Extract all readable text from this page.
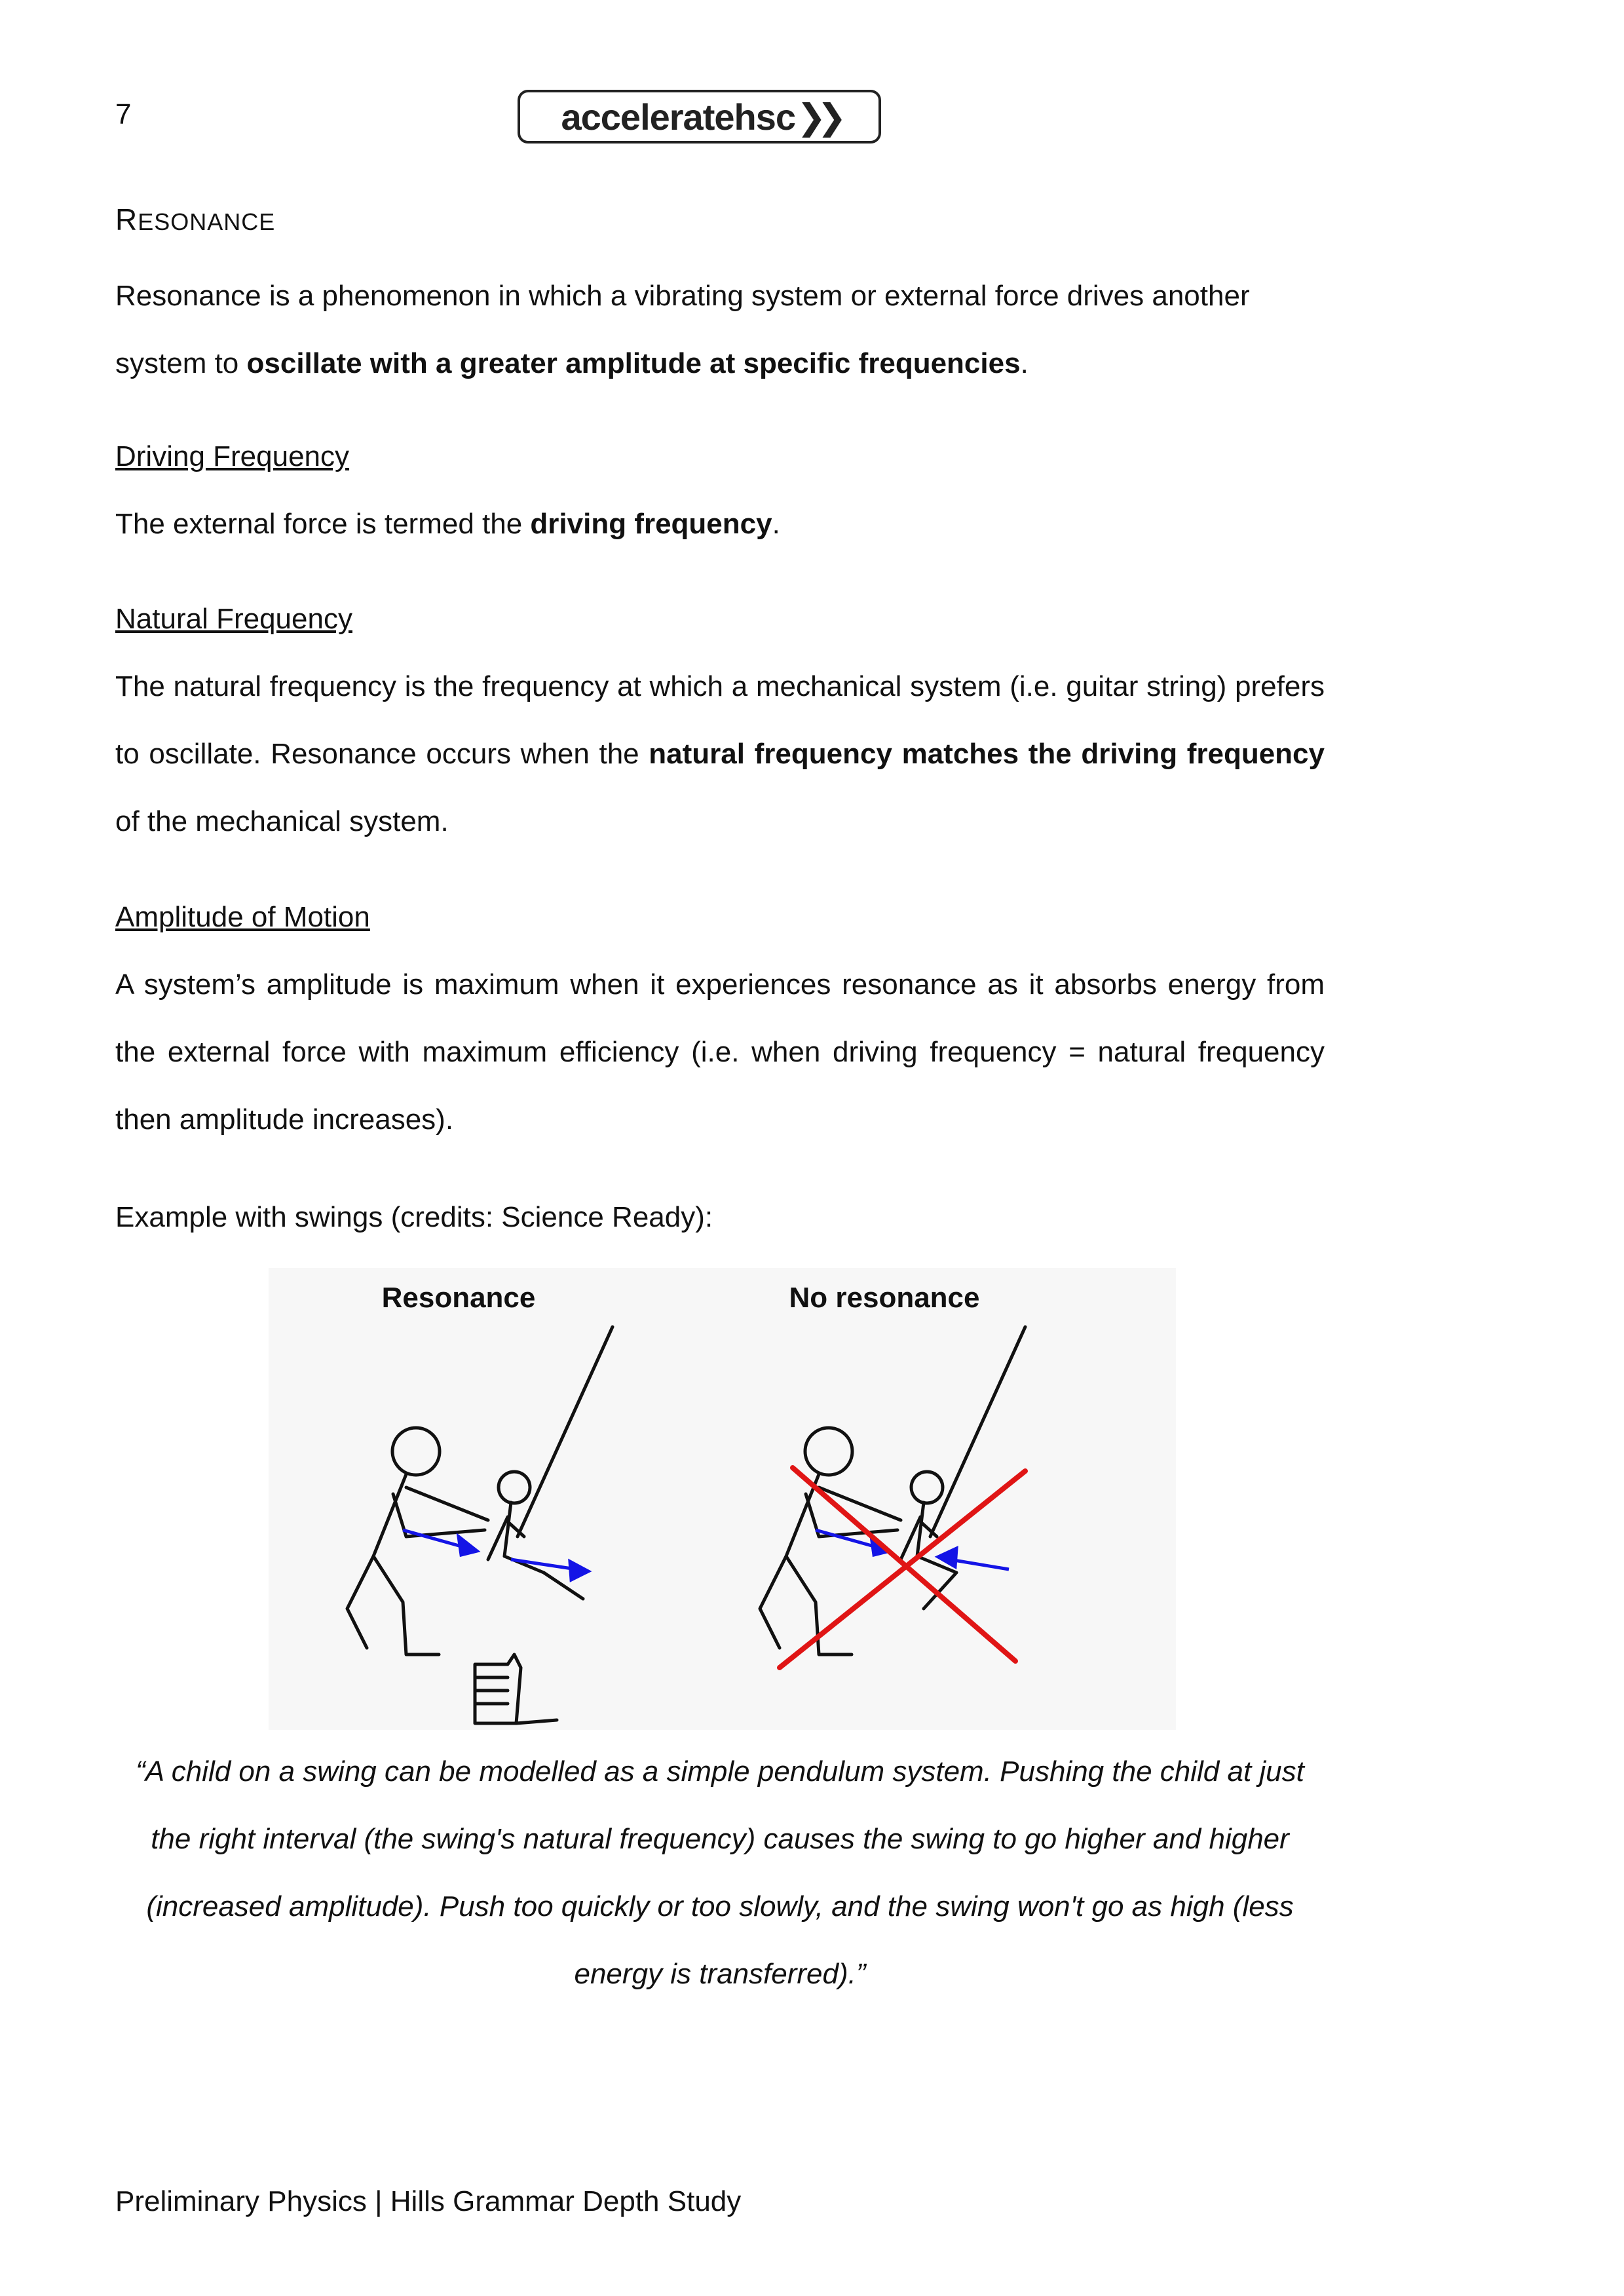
7	acceleratehsc ❯❯
RESONANCE

Resonance is a phenomenon in which a vibrating system or external force drives another system to oscillate with a greater amplitude at specific frequencies.

Driving Frequency

The external force is termed the driving frequency.

Natural Frequency

The natural frequency is the frequency at which a mechanical system (i.e. guitar string) prefers to oscillate. Resonance occurs when the natural frequency matches the driving frequency of the mechanical system.

Amplitude of Motion

A system’s amplitude is maximum when it experiences resonance as it absorbs energy from the external force with maximum efficiency (i.e. when driving frequency = natural frequency then amplitude increases).

Example with swings (credits: Science Ready):
Resonance	No resonance

“A child on a swing can be modelled as a simple pendulum system. Pushing the child at just the right interval (the swing's natural frequency) causes the swing to go higher and higher (increased amplitude). Push too quickly or too slowly, and the swing won't go as high (less energy is transferred).”

Preliminary Physics | Hills Grammar Depth Study
